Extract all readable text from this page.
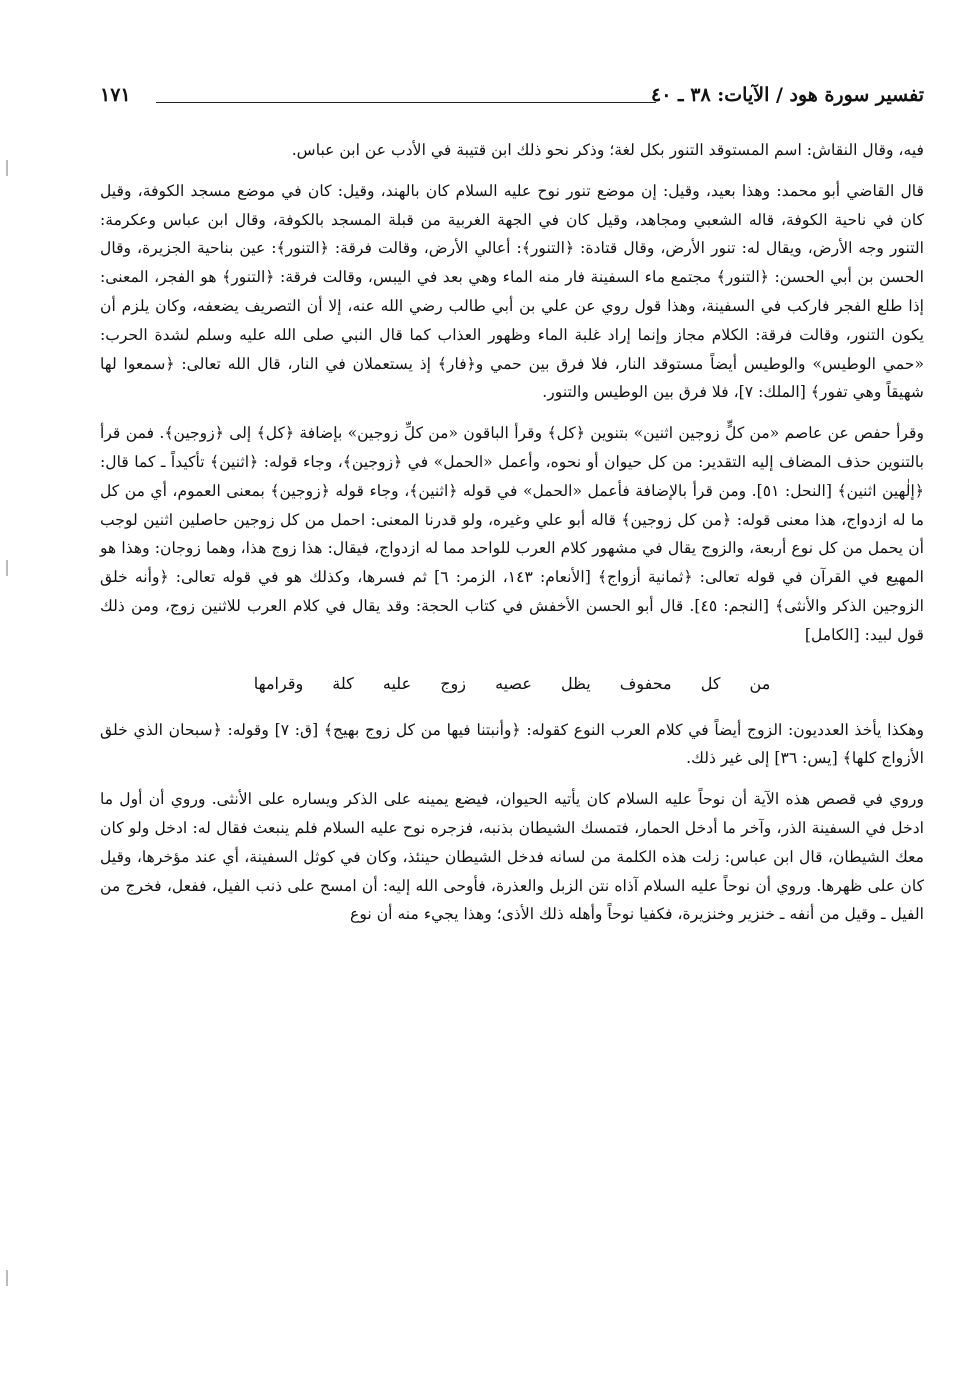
تفسير سورة هود / الآيات: ٣٨ ـ ٤٠
١٧١

فيه، وقال النقاش: اسم المستوقد التنور بكل لغة؛ وذكر نحو ذلك ابن قتيبة في الأدب عن ابن عباس.

قال القاضي أبو محمد: وهذا بعيد، وقيل: إن موضع تنور نوح عليه السلام كان بالهند، وقيل: كان في موضع مسجد الكوفة، وقيل كان في ناحية الكوفة، قاله الشعبي ومجاهد، وقيل كان في الجهة الغربية من قبلة المسجد بالكوفة، وقال ابن عباس وعكرمة: التنور وجه الأرض، ويقال له: تنور الأرض، وقال قتادة: ﴿التنور﴾: أعالي الأرض، وقالت فرقة: ﴿التنور﴾: عين بناحية الجزيرة، وقال الحسن بن أبي الحسن: ﴿التنور﴾ مجتمع ماء السفينة فار منه الماء وهي بعد في اليبس، وقالت فرقة: ﴿التنور﴾ هو الفجر، المعنى: إذا طلع الفجر فاركب في السفينة، وهذا قول روي عن علي بن أبي طالب رضي الله عنه، إلا أن التصريف يضعفه، وكان يلزم أن يكون التنور، وقالت فرقة: الكلام مجاز وإنما إراد غلبة الماء وظهور العذاب كما قال النبي صلى الله عليه وسلم لشدة الحرب: «حمي الوطيس» والوطيس أيضاً مستوقد النار، فلا فرق بين حمي و﴿فار﴾ إذ يستعملان في النار، قال الله تعالى: ﴿سمعوا لها شهيقاً وهي تفور﴾ [الملك: ٧]، فلا فرق بين الوطيس والتنور.

وقرأ حفص عن عاصم «من كلٍّ زوجين اثنين» بتنوين ﴿كل﴾ وقرأ الباقون «من كلِّ زوجين» بإضافة ﴿كل﴾ إلى ﴿زوجين﴾. فمن قرأ بالتنوين حذف المضاف إليه التقدير: من كل حيوان أو نحوه، وأعمل «الحمل» في ﴿زوجين﴾، وجاء قوله: ﴿اثنين﴾ تأكيداً ـ كما قال: ﴿إلٰهين اثنين﴾ [النحل: ٥١]. ومن قرأ بالإضافة فأعمل «الحمل» في قوله ﴿اثنين﴾، وجاء قوله ﴿زوجين﴾ بمعنى العموم، أي من كل ما له ازدواج، هذا معنى قوله: ﴿من كل زوجين﴾ قاله أبو علي وغيره، ولو قدرنا المعنى: احمل من كل زوجين حاصلين اثنين لوجب أن يحمل من كل نوع أربعة، والزوج يقال في مشهور كلام العرب للواحد مما له ازدواج، فيقال: هذا زوج هذا، وهما زوجان: وهذا هو المهيع في القرآن في قوله تعالى: ﴿ثمانية أزواج﴾ [الأنعام: ١٤٣، الزمر: ٦] ثم فسرها، وكذلك هو في قوله تعالى: ﴿وأنه خلق الزوجين الذكر والأنثى﴾ [النجم: ٤٥]. قال أبو الحسن الأخفش في كتاب الحجة: وقد يقال في كلام العرب للاثنين زوج، ومن ذلك قول لبيد: [الكامل]

من كل محفوف يظل عصيه زوج عليه كلة وقرامها

وهكذا يأخذ العدديون: الزوج أيضاً في كلام العرب النوع كقوله: ﴿وأنبتنا فيها من كل زوج بهيج﴾ [ق: ٧] وقوله: ﴿سبحان الذي خلق الأزواج كلها﴾ [يس: ٣٦] إلى غير ذلك.

وروي في قصص هذه الآية أن نوحاً عليه السلام كان يأتيه الحيوان، فيضع يمينه على الذكر ويساره على الأنثى. وروي أن أول ما ادخل في السفينة الذر، وآخر ما أدخل الحمار، فتمسك الشيطان بذنبه، فزجره نوح عليه السلام فلم ينبعث فقال له: ادخل ولو كان معك الشيطان، قال ابن عباس: زلت هذه الكلمة من لسانه فدخل الشيطان حينئذ، وكان في كوثل السفينة، أي عند مؤخرها، وقيل كان على ظهرها. وروي أن نوحاً عليه السلام آذاه نتن الزبل والعذرة، فأوحى الله إليه: أن امسح على ذنب الفيل، ففعل، فخرج من الفيل ـ وقيل من أنفه ـ خنزير وخنزيرة، فكفيا نوحاً وأهله ذلك الأذى؛ وهذا يجيء منه أن نوع
